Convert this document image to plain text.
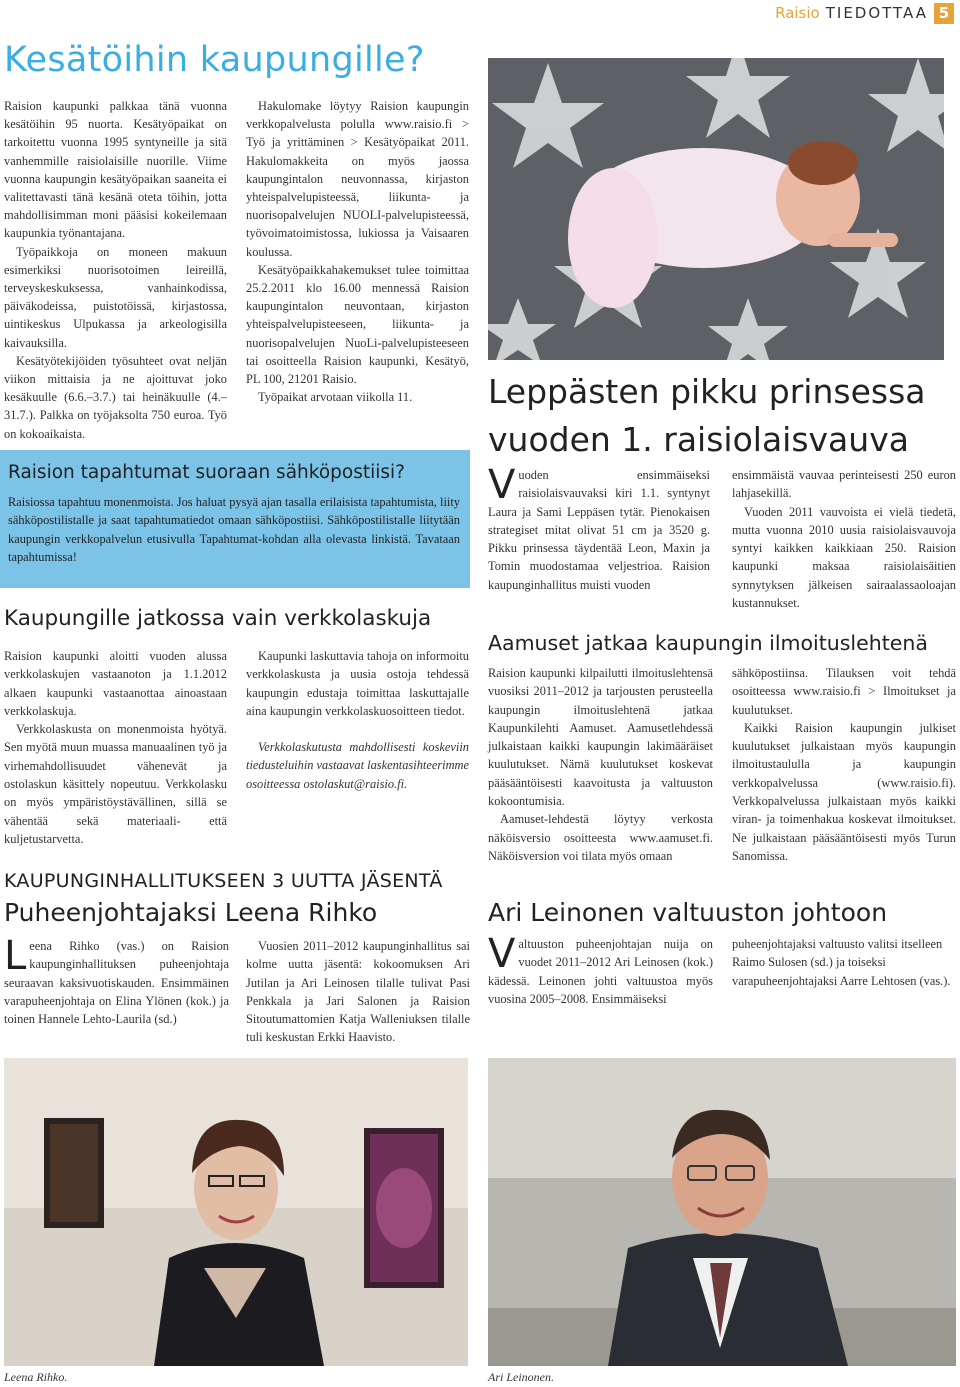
Raisio TIEDOTTAA 5
Kesätöihin kaupungille?

Raision kaupunki palkkaa tänä vuonna kesätöihin 95 nuorta. Kesätyöpaikat on tarkoitettu vuonna 1995 syntyneille ja sitä vanhemmille raisiolaisille nuorille. Viime vuonna kaupungin kesätyöpaikan saaneita ei valitettavasti tänä kesänä oteta töihin, jotta mahdollisimman moni pääsisi kokeilemaan kaupunkia työnantajana.

Työpaikkoja on moneen makuun esimerkiksi nuorisotoimen leireillä, terveyskeskuksessa, vanhainkodissa, päiväkodeissa, puistotöissä, kirjastossa, uintikeskus Ulpukassa ja arkeologisilla kaivauksilla.

Kesätyötekijöiden työsuhteet ovat neljän viikon mittaisia ja ne ajoittuvat joko kesäkuulle (6.6.–3.7.) tai heinäkuulle (4.–31.7.). Palkka on työjaksolta 750 euroa. Työ on kokoaikaista.

Hakulomake löytyy Raision kaupungin verkkopalvelusta polulla www.raisio.fi > Työ ja yrittäminen > Kesätyöpaikat 2011. Hakulomakkeita on myös jaossa kaupungintalon neuvonnassa, kirjaston yhteispalvelupisteessä, liikunta- ja nuorisopalvelujen NUOLI-palvelupisteessä, työvoimatoimistossa, lukiossa ja Vaisaaren koulussa.

Kesätyöpaikkahakemukset tulee toimittaa 25.2.2011 klo 16.00 mennessä Raision kaupungintalon neuvontaan, kirjaston yhteispalvelupisteeseen, liikunta- ja nuorisopalvelujen NuoLi-palvelupisteeseen tai osoitteella Raision kaupunki, Kesätyö, PL 100, 21201 Raisio.

Työpaikat arvotaan viikolla 11.

Raision tapahtumat suoraan sähköpostiisi?
Raisiossa tapahtuu monenmoista. Jos haluat pysyä ajan tasalla erilaisista tapahtumista, liity sähköpostilistalle ja saat tapahtumatiedot omaan sähköpostiisi. Sähköpostilistalle liitytään kaupungin verkkopalvelun etusivulla Tapahtumat-kohdan alla olevasta linkistä. Tavataan tapahtumissa!
Leppästen pikku prinsessa vuoden 1. raisiolaisvauva
V uoden ensimmäiseksi raisiolaisvauvaksi kiri 1.1. syntynyt Laura ja Sami Leppäsen tytär. Pienokaisen strategiset mitat olivat 51 cm ja 3520 g. Pikku prinsessa täydentää Leon, Maxin ja Tomin muodostamaa veljestrioa. Raision kaupunginhallitus muisti vuoden

ensimmäistä vauvaa perinteisesti 250 euron lahjasekillä.

Vuoden 2011 vauvoista ei vielä tiedetä, mutta vuonna 2010 uusia raisiolaisvauvoja syntyi kaikken kaikkiaan 250. Raision kaupunki maksaa raisiolaisäitien synnytyksen jälkeisen sairaalassaoloajan kustannukset.

Kaupungille jatkossa vain verkkolaskuja

Raision kaupunki aloitti vuoden alussa verkkolaskujen vastaanoton ja 1.1.2012 alkaen kaupunki vastaanottaa ainoastaan verkkolaskuja.

Verkkolaskusta on monenmoista hyötyä. Sen myötä muun muassa manuaalinen työ ja virhemahdollisuudet vähenevät ja ostolaskun käsittely nopeutuu. Verkkolasku on myös ympäristöystävällinen, sillä se vähentää sekä materiaali- että kuljetustarvetta.

Kaupunki laskuttavia tahoja on informoitu verkkolaskusta ja uusia ostoja tehdessä kaupungin edustaja toimittaa laskuttajalle aina kaupungin verkkolaskuosoitteen tiedot.

Verkkolaskutusta mahdollisesti koskeviin tiedusteluihin vastaavat laskentasihteerimme osoitteessa ostolaskut@raisio.fi.

Aamuset jatkaa kaupungin ilmoituslehtenä

Raision kaupunki kilpailutti ilmoituslehtensä vuosiksi 2011–2012 ja tarjousten perusteella kaupungin ilmoituslehtenä jatkaa Kaupunkilehti Aamuset. Aamusetlehdessä julkaistaan kaikki kaupungin lakimääräiset kuulutukset. Nämä kuulutukset koskevat pääsääntöisesti kaavoitusta ja valtuuston kokoontumisia.

Aamuset-lehdestä löytyy verkosta näköisversio osoitteesta www.aamuset.fi. Näköisversion voi tilata myös omaan

sähköpostiinsa. Tilauksen voit tehdä osoitteessa www.raisio.fi > Ilmoitukset ja kuulutukset.

Kaikki Raision kaupungin julkiset kuulutukset julkaistaan myös kaupungin ilmoitustaululla ja kaupungin verkkopalvelussa (www.raisio.fi). Verkkopalvelussa julkaistaan myös kaikki viran- ja toimenhakua koskevat ilmoitukset. Ne julkaistaan pääsääntöisesti myös Turun Sanomissa.

KAUPUNGINHALLITUKSEEN 3 UUTTA JÄSENTÄ
Puheenjohtajaksi Leena Rihko
L eena Rihko (vas.) on Raision kaupunginhallituksen puheenjohtaja seuraavan kaksivuotiskauden. Ensimmäinen varapuheenjohtaja on Elina Ylönen (kok.) ja toinen Hannele Lehto-Laurila (sd.)

Vuosien 2011–2012 kaupunginhallitus sai kolme uutta jäsentä: kokoomuksen Ari Jutilan ja Ari Leinosen tilalle tulivat Pasi Penkkala ja Jari Salonen ja Raision Sitoutumattomien Katja Walleniuksen tilalle tuli keskustan Erkki Haavisto.

Ari Leinonen valtuuston johtoon
V altuuston puheenjohtajan nuija on vuodet 2011–2012 Ari Leinosen (kok.) kädessä. Leinonen johti valtuustoa myös vuosina 2005–2008. Ensimmäiseksi

puheenjohtajaksi valtuusto valitsi itselleen Raimo Sulosen (sd.) ja toiseksi varapuheenjohtajaksi Aarre Lehtosen (vas.).

Leena Rihko.	Ari Leinonen.
